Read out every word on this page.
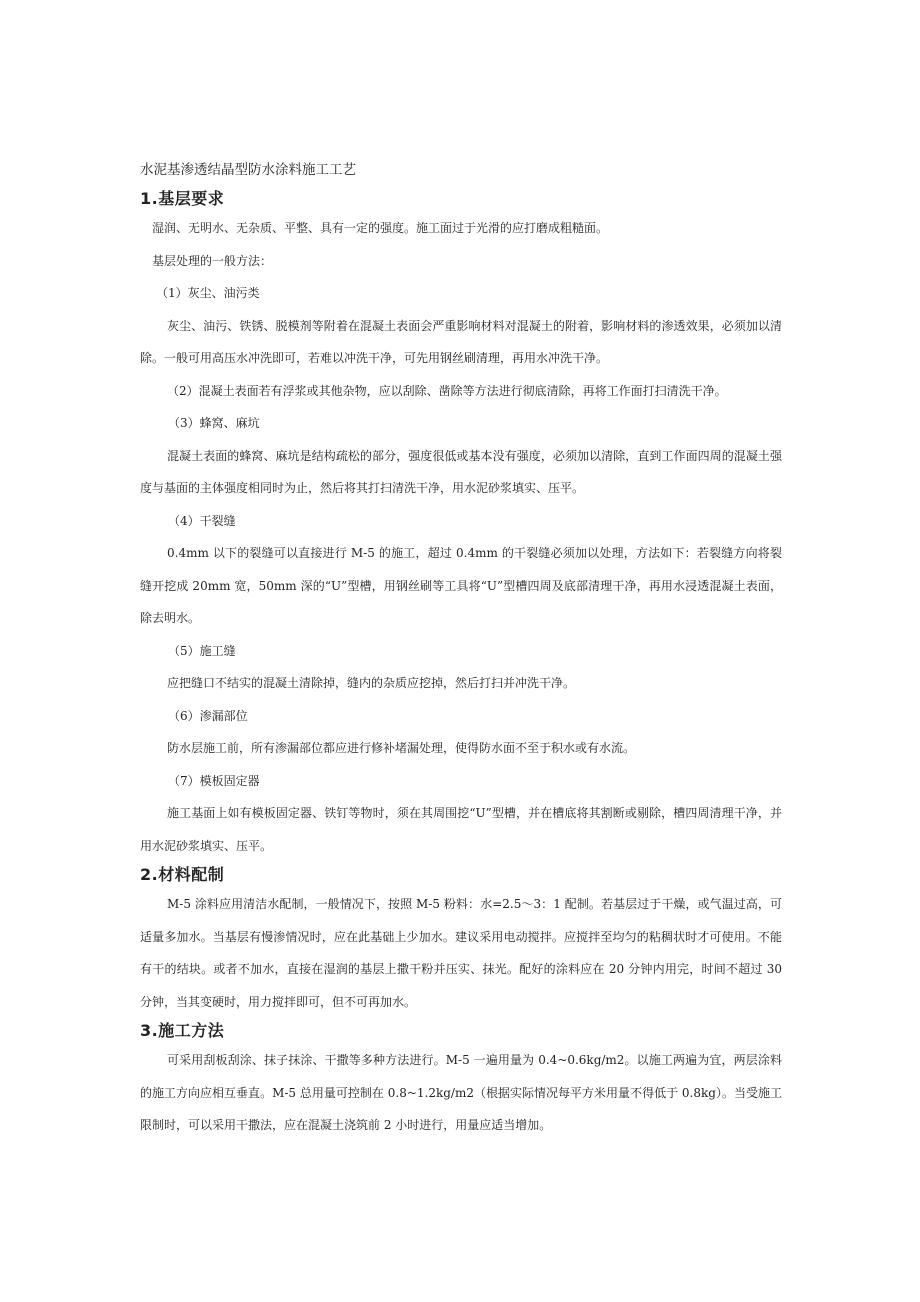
水泥基渗透结晶型防水涂料施工工艺
1.基层要求

湿润、无明水、无杂质、平整、具有一定的强度。施工面过于光滑的应打磨成粗糙面。

基层处理的一般方法：

（1）灰尘、油污类

灰尘、油污、铁锈、脱模剂等附着在混凝土表面会严重影响材料对混凝土的附着，影响材料的渗透效果，必须加以清除。一般可用高压水冲洗即可，若难以冲洗干净，可先用钢丝刷清理，再用水冲洗干净。

（2）混凝土表面若有浮浆或其他杂物，应以刮除、凿除等方法进行彻底清除，再将工作面打扫清洗干净。

（3）蜂窝、麻坑

混凝土表面的蜂窝、麻坑是结构疏松的部分，强度很低或基本没有强度，必须加以清除，直到工作面四周的混凝土强度与基面的主体强度相同时为止，然后将其打扫清洗干净，用水泥砂浆填实、压平。

（4）干裂缝

0.4mm 以下的裂缝可以直接进行 M-5 的施工，超过 0.4mm 的干裂缝必须加以处理，方法如下：若裂缝方向将裂缝开挖成 20mm 宽，50mm 深的“U”型槽，用钢丝刷等工具将“U”型槽四周及底部清理干净，再用水浸透混凝土表面，除去明水。

（5）施工缝

应把缝口不结实的混凝土清除掉，缝内的杂质应挖掉，然后打扫并冲洗干净。

（6）渗漏部位

防水层施工前，所有渗漏部位都应进行修补堵漏处理，使得防水面不至于积水或有水流。

（7）模板固定器

施工基面上如有模板固定器、铁钉等物时，须在其周围挖“U”型槽，并在槽底将其割断或剔除，槽四周清理干净，并用水泥砂浆填实、压平。

2.材料配制

M-5 涂料应用清洁水配制，一般情况下，按照 M-5 粉料：水=2.5～3：1 配制。若基层过于干燥，或气温过高，可适量多加水。当基层有慢渗情况时，应在此基础上少加水。建议采用电动搅拌。应搅拌至均匀的粘稠状时才可使用。不能有干的结块。或者不加水，直接在湿润的基层上撒干粉并压实、抹光。配好的涂料应在 20 分钟内用完，时间不超过 30 分钟，当其变硬时，用力搅拌即可，但不可再加水。

3.施工方法

可采用刮板刮涂、抹子抹涂、干撒等多种方法进行。M-5 一遍用量为 0.4~0.6kg/m2。以施工两遍为宜，两层涂料的施工方向应相互垂直。M-5 总用量可控制在 0.8~1.2kg/m2（根据实际情况每平方米用量不得低于 0.8kg）。当受施工限制时，可以采用干撒法，应在混凝土浇筑前 2 小时进行，用量应适当增加。
